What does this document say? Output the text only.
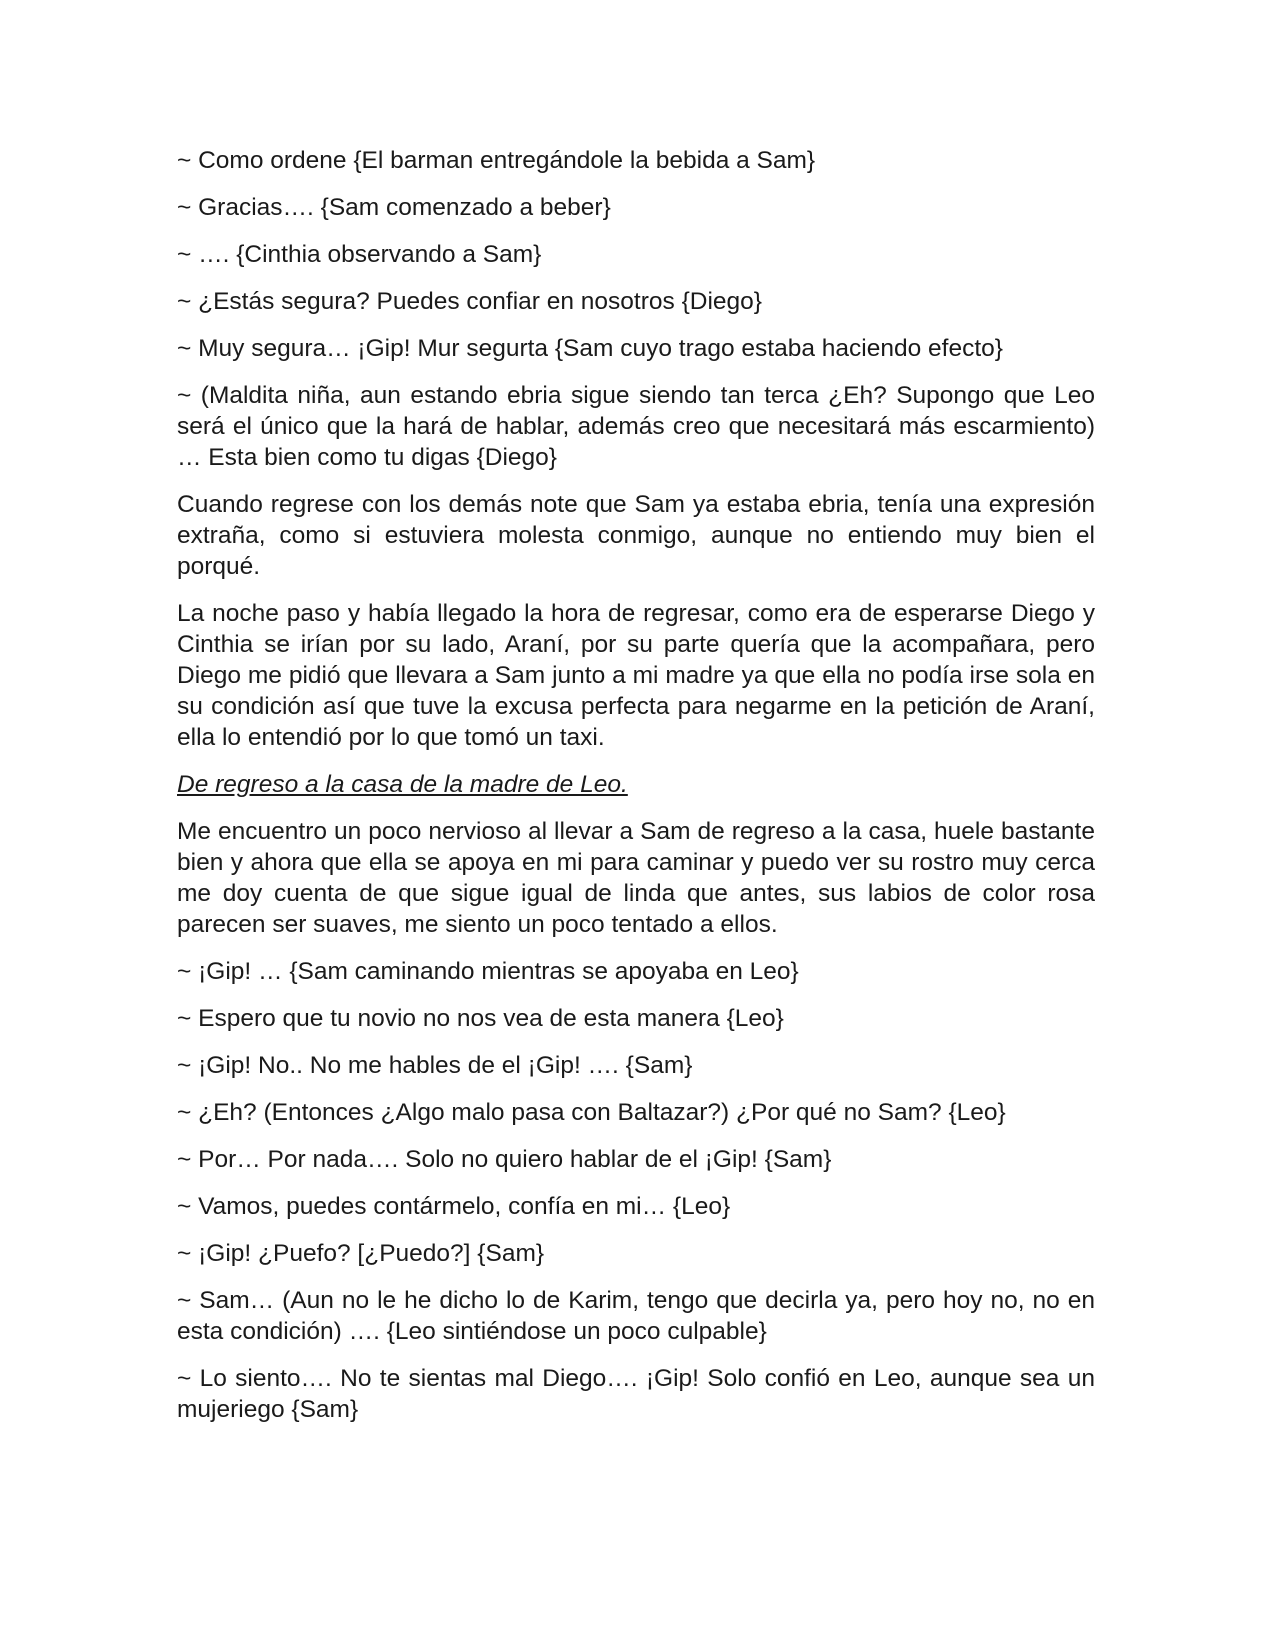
~ Como ordene {El barman entregándole la bebida a Sam}

~ Gracias…. {Sam comenzado a beber}

~ …. {Cinthia observando a Sam}

~ ¿Estás segura? Puedes confiar en nosotros {Diego}

~ Muy segura… ¡Gip! Mur segurta {Sam cuyo trago estaba haciendo efecto}

~ (Maldita niña, aun estando ebria sigue siendo tan terca ¿Eh? Supongo que Leo será el único que la hará de hablar, además creo que necesitará más escarmiento) … Esta bien como tu digas {Diego}

Cuando regrese con los demás note que Sam ya estaba ebria, tenía una expresión extraña, como si estuviera molesta conmigo, aunque no entiendo muy bien el porqué.

La noche paso y había llegado la hora de regresar, como era de esperarse Diego y Cinthia se irían por su lado, Araní, por su parte quería que la acompañara, pero Diego me pidió que llevara a Sam junto a mi madre ya que ella no podía irse sola en su condición así que tuve la excusa perfecta para negarme en la petición de Araní, ella lo entendió por lo que tomó un taxi.

De regreso a la casa de la madre de Leo.

Me encuentro un poco nervioso al llevar a Sam de regreso a la casa, huele bastante bien y ahora que ella se apoya en mi para caminar y puedo ver su rostro muy cerca me doy cuenta de que sigue igual de linda que antes, sus labios de color rosa parecen ser suaves, me siento un poco tentado a ellos.

~ ¡Gip! … {Sam caminando mientras se apoyaba en Leo}

~ Espero que tu novio no nos vea de esta manera {Leo}

~ ¡Gip! No.. No me hables de el ¡Gip! …. {Sam}

~ ¿Eh? (Entonces ¿Algo malo pasa con Baltazar?) ¿Por qué no Sam? {Leo}

~ Por… Por nada…. Solo no quiero hablar de el ¡Gip! {Sam}

~ Vamos, puedes contármelo, confía en mi… {Leo}

~ ¡Gip! ¿Puefo? [¿Puedo?] {Sam}

~ Sam… (Aun no le he dicho lo de Karim, tengo que decirla ya, pero hoy no, no en esta condición) …. {Leo sintiéndose un poco culpable}

~ Lo siento…. No te sientas mal Diego…. ¡Gip! Solo confió en Leo, aunque sea un mujeriego {Sam}
